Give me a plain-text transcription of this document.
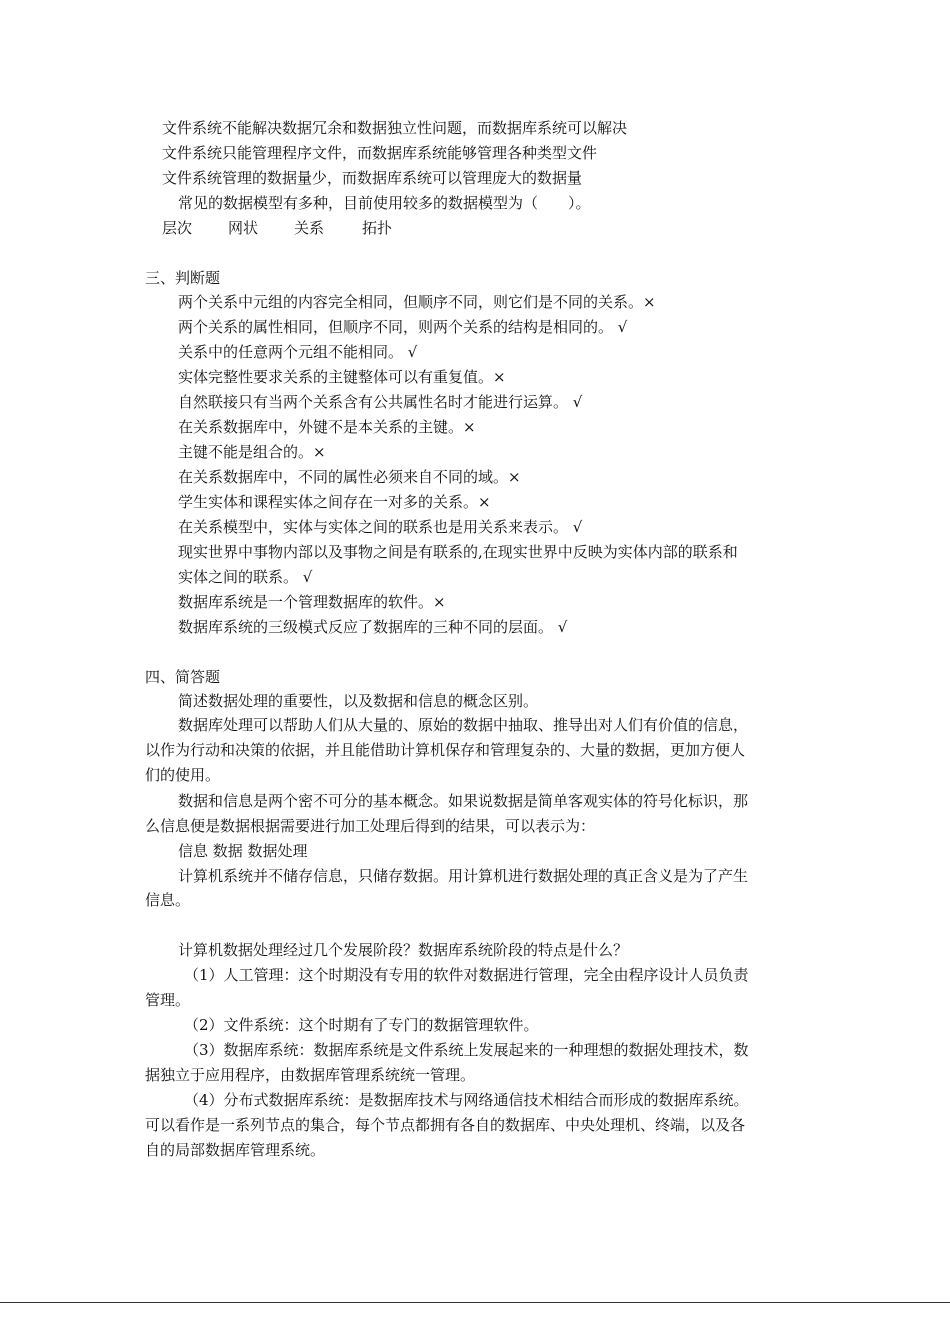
文件系统不能解决数据冗余和数据独立性问题，而数据库系统可以解决
文件系统只能管理程序文件，而数据库系统能够管理各种类型文件
文件系统管理的数据量少，而数据库系统可以管理庞大的数据量
常见的数据模型有多种，目前使用较多的数据模型为（　　）。
层次 网状 关系	拓扑
三、判断题
两个关系中元组的内容完全相同，但顺序不同，则它们是不同的关系。×
两个关系的属性相同，但顺序不同，则两个关系的结构是相同的。 √
关系中的任意两个元组不能相同。 √
实体完整性要求关系的主键整体可以有重复值。×
自然联接只有当两个关系含有公共属性名时才能进行运算。 √
在关系数据库中，外键不是本关系的主键。×
主键不能是组合的。×
在关系数据库中，不同的属性必须来自不同的域。×
学生实体和课程实体之间存在一对多的关系。×
在关系模型中，实体与实体之间的联系也是用关系来表示。 √
现实世界中事物内部以及事物之间是有联系的,在现实世界中反映为实体内部的联系和
实体之间的联系。 √
数据库系统是一个管理数据库的软件。×
数据库系统的三级模式反应了数据库的三种不同的层面。 √
四、简答题
简述数据处理的重要性，以及数据和信息的概念区别。
数据库处理可以帮助人们从大量的、原始的数据中抽取、推导出对人们有价值的信息，
以作为行动和决策的依据，并且能借助计算机保存和管理复杂的、大量的数据，更加方便人
们的使用。
数据和信息是两个密不可分的基本概念。如果说数据是简单客观实体的符号化标识，那
么信息便是数据根据需要进行加工处理后得到的结果，可以表示为：
信息 数据 数据处理
计算机系统并不储存信息，只储存数据。用计算机进行数据处理的真正含义是为了产生
信息。
计算机数据处理经过几个发展阶段？数据库系统阶段的特点是什么？
（1）人工管理：这个时期没有专用的软件对数据进行管理，完全由程序设计人员负责
管理。
（2）文件系统：这个时期有了专门的数据管理软件。
（3）数据库系统：数据库系统是文件系统上发展起来的一种理想的数据处理技术，数
据独立于应用程序，由数据库管理系统统一管理。
（4）分布式数据库系统：是数据库技术与网络通信技术相结合而形成的数据库系统。
可以看作是一系列节点的集合，每个节点都拥有各自的数据库、中央处理机、终端，以及各
自的局部数据库管理系统。
